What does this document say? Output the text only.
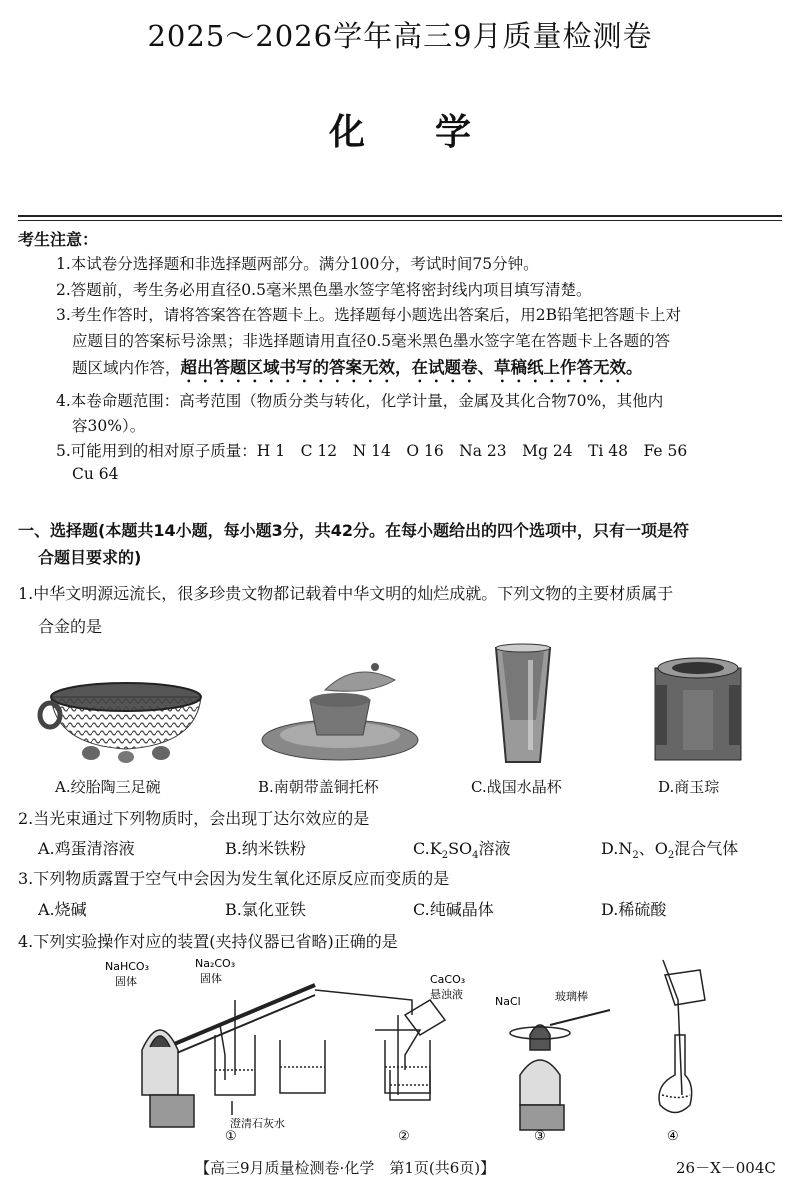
2025～2026学年高三9月质量检测卷
化学
考生注意：
1.本试卷分选择题和非选择题两部分。满分100分，考试时间75分钟。
2.答题前，考生务必用直径0.5毫米黑色墨水签字笔将密封线内项目填写清楚。
3.考生作答时，请将答案答在答题卡上。选择题每小题选出答案后，用2B铅笔把答题卡上对
应题目的答案标号涂黑；非选择题请用直径0.5毫米黑色墨水签字笔在答题卡上各题的答
题区域内作答，超出答题区域书写的答案无效，在试题卷、草稿纸上作答无效。
4.本卷命题范围：高考范围（物质分类与转化，化学计量，金属及其化合物70%，其他内
容30%）。
5.可能用到的相对原子质量：H 1　C 12　N 14　O 16　Na 23　Mg 24　Ti 48　Fe 56
Cu 64
一、选择题(本题共14小题，每小题3分，共42分。在每小题给出的四个选项中，只有一项是符
合题目要求的)
1.中华文明源远流长，很多珍贵文物都记载着中华文明的灿烂成就。下列文物的主要材质属于
合金的是
A.绞胎陶三足碗	B.南朝带盖铜托杯	C.战国水晶杯	D.商玉琮
2.当光束通过下列物质时，会出现丁达尔效应的是
A.鸡蛋清溶液	B.纳米铁粉	$C.K_2SO_4$溶液	$D.N_2$、$O_2$混合气体
3.下列物质露置于空气中会因为发生氧化还原反应而变质的是
A.烧碱	B.氯化亚铁	C.纯碱晶体	D.稀硫酸
4.下列实验操作对应的装置(夹持仪器已省略)正确的是
NaHCO₃
固体
Na₂CO₃
固体
澄清石灰水
CaCO₃
悬浊液
NaCl	玻璃棒
①	②	③	④
【高三9月质量检测卷·化学　第1页(共6页)】	26－X－004C
